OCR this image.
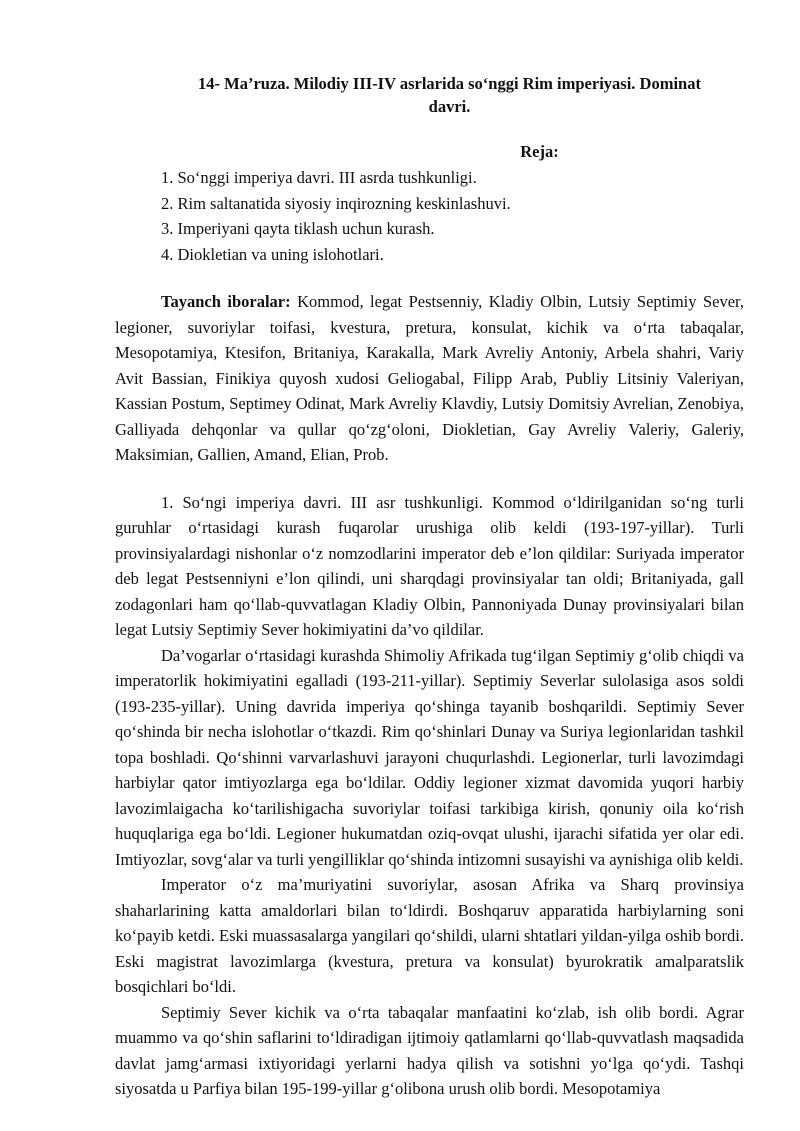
14- Ma’ruza. Milodiy III-IV asrlarida so‘nggi Rim imperiyasi. Dominat
davri.
Reja:
1. So‘nggi imperiya davri. III asrda tushkunligi.
2. Rim saltanatida siyosiy inqirozning keskinlashuvi.
3. Imperiyani qayta tiklash uchun kurash.
4. Diokletian va uning islohotlari.

Tayanch iboralar: Kommod, legat Pestsenniy, Kladiy Olbin, Lutsiy Septimiy Sever, legioner, suvoriylar toifasi, kvestura, pretura, konsulat, kichik va o‘rta tabaqalar, Mesopotamiya, Ktesifon, Britaniya, Karakalla, Mark Avreliy Antoniy, Arbela shahri, Variy Avit Bassian, Finikiya quyosh xudosi Geliogabal, Filipp Arab, Publiy Litsiniy Valeriyan, Kassian Postum, Septimey Odinat, Mark Avreliy Klavdiy, Lutsiy Domitsiy Avrelian, Zenobiya, Galliyada dehqonlar va qullar qo‘zg‘oloni, Diokletian, Gay Avreliy Valeriy, Galeriy, Maksimian, Gallien, Amand, Elian, Prob.

1. So‘ngi imperiya davri. III asr tushkunligi. Kommod o‘ldirilganidan so‘ng turli guruhlar o‘rtasidagi kurash fuqarolar urushiga olib keldi (193-197-yillar). Turli provinsiyalardagi nishonlar o‘z nomzodlarini imperator deb e’lon qildilar: Suriyada imperator deb legat Pestsenniyni e’lon qilindi, uni sharqdagi provinsiyalar tan oldi; Britaniyada, gall zodagonlari ham qo‘llab-quvvatlagan Kladiy Olbin, Pannoniyada Dunay provinsiyalari bilan legat Lutsiy Septimiy Sever hokimiyatini da’vo qildilar.

Da’vogarlar o‘rtasidagi kurashda Shimoliy Afrikada tug‘ilgan Septimiy g‘olib chiqdi va imperatorlik hokimiyatini egalladi (193-211-yillar). Septimiy Severlar sulolasiga asos soldi (193-235-yillar). Uning davrida imperiya qo‘shinga tayanib boshqarildi. Septimiy Sever qo‘shinda bir necha islohotlar o‘tkazdi. Rim qo‘shinlari Dunay va Suriya legionlaridan tashkil topa boshladi. Qo‘shinni varvarlashuvi jarayoni chuqurlashdi. Legionerlar, turli lavozimdagi harbiylar qator imtiyozlarga ega bo‘ldilar. Oddiy legioner xizmat davomida yuqori harbiy lavozimlaigacha ko‘tarilishigacha suvoriylar toifasi tarkibiga kirish, qonuniy oila ko‘rish huquqlariga ega bo‘ldi. Legioner hukumatdan oziq-ovqat ulushi, ijarachi sifatida yer olar edi. Imtiyozlar, sovg‘alar va turli yengilliklar qo‘shinda intizomni susayishi va aynishiga olib keldi.

Imperator o‘z ma’muriyatini suvoriylar, asosan Afrika va Sharq provinsiya shaharlarining katta amaldorlari bilan to‘ldirdi. Boshqaruv apparatida harbiylarning soni ko‘payib ketdi. Eski muassasalarga yangilari qo‘shildi, ularni shtatlari yildan-yilga oshib bordi. Eski magistrat lavozimlarga (kvestura, pretura va konsulat) byurokratik amalparatslik bosqichlari bo‘ldi.

Septimiy Sever kichik va o‘rta tabaqalar manfaatini ko‘zlab, ish olib bordi. Agrar muammo va qo‘shin saflarini to‘ldiradigan ijtimoiy qatlamlarni qo‘llab-quvvatlash maqsadida davlat jamg‘armasi ixtiyoridagi yerlarni hadya qilish va sotishni yo‘lga qo‘ydi. Tashqi siyosatda u Parfiya bilan 195-199-yillar g‘olibona urush olib bordi. Mesopotamiya
